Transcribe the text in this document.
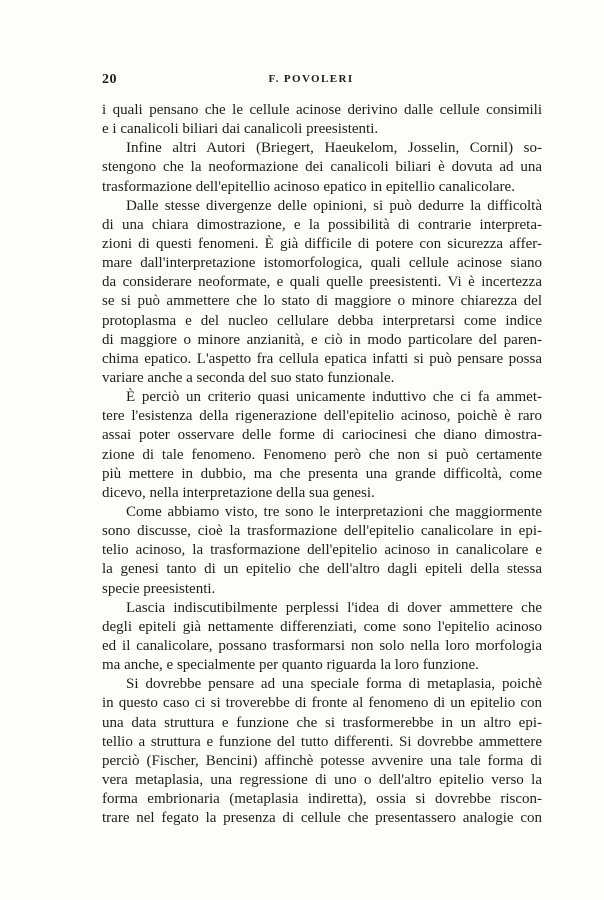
20	F. POVOLERI
i quali pensano che le cellule acinose derivino dalle cellule consimili
e i canalicoli biliari dai canalicoli preesistenti.
Infine altri Autori (Briegert, Haeukelom, Josselin, Cornil) so-
stengono che la neoformazione dei canalicoli biliari è dovuta ad una
trasformazione dell'epitellio acinoso epatico in epitellio canalicolare.
Dalle stesse divergenze delle opinioni, si può dedurre la difficoltà
di una chiara dimostrazione, e la possibilità di contrarie interpreta-
zioni di questi fenomeni. È già difficile di potere con sicurezza affer-
mare dall'interpretazione istomorfologica, quali cellule acinose siano
da considerare neoformate, e quali quelle preesistenti. Vi è incertezza
se si può ammettere che lo stato di maggiore o minore chiarezza del
protoplasma e del nucleo cellulare debba interpretarsi come indice
di maggiore o minore anzianità, e ciò in modo particolare del paren-
chima epatico. L'aspetto fra cellula epatica infatti si può pensare possa
variare anche a seconda del suo stato funzionale.
È perciò un criterio quasi unicamente induttivo che ci fa ammet-
tere l'esistenza della rigenerazione dell'epitelio acinoso, poichè è raro
assai poter osservare delle forme di cariocinesi che diano dimostra-
zione di tale fenomeno. Fenomeno però che non si può certamente
più mettere in dubbio, ma che presenta una grande difficoltà, come
dicevo, nella interpretazione della sua genesi.
Come abbiamo visto, tre sono le interpretazioni che maggiormente
sono discusse, cioè la trasformazione dell'epitelio canalicolare in epi-
telio acinoso, la trasformazione dell'epitelio acinoso in canalicolare e
la genesi tanto di un epitelio che dell'altro dagli epiteli della stessa
specie preesistenti.
Lascia indiscutibilmente perplessi l'idea di dover ammettere che
degli epiteli già nettamente differenziati, come sono l'epitelio acinoso
ed il canalicolare, possano trasformarsi non solo nella loro morfologia
ma anche, e specialmente per quanto riguarda la loro funzione.
Si dovrebbe pensare ad una speciale forma di metaplasia, poichè
in questo caso ci si troverebbe di fronte al fenomeno di un epitelio con
una data struttura e funzione che si trasformerebbe in un altro epi-
tellio a struttura e funzione del tutto differenti. Si dovrebbe ammettere
perciò (Fischer, Bencini) affinchè potesse avvenire una tale forma di
vera metaplasia, una regressione di uno o dell'altro epitelio verso la
forma embrionaria (metaplasia indiretta), ossia si dovrebbe riscon-
trare nel fegato la presenza di cellule che presentassero analogie con
